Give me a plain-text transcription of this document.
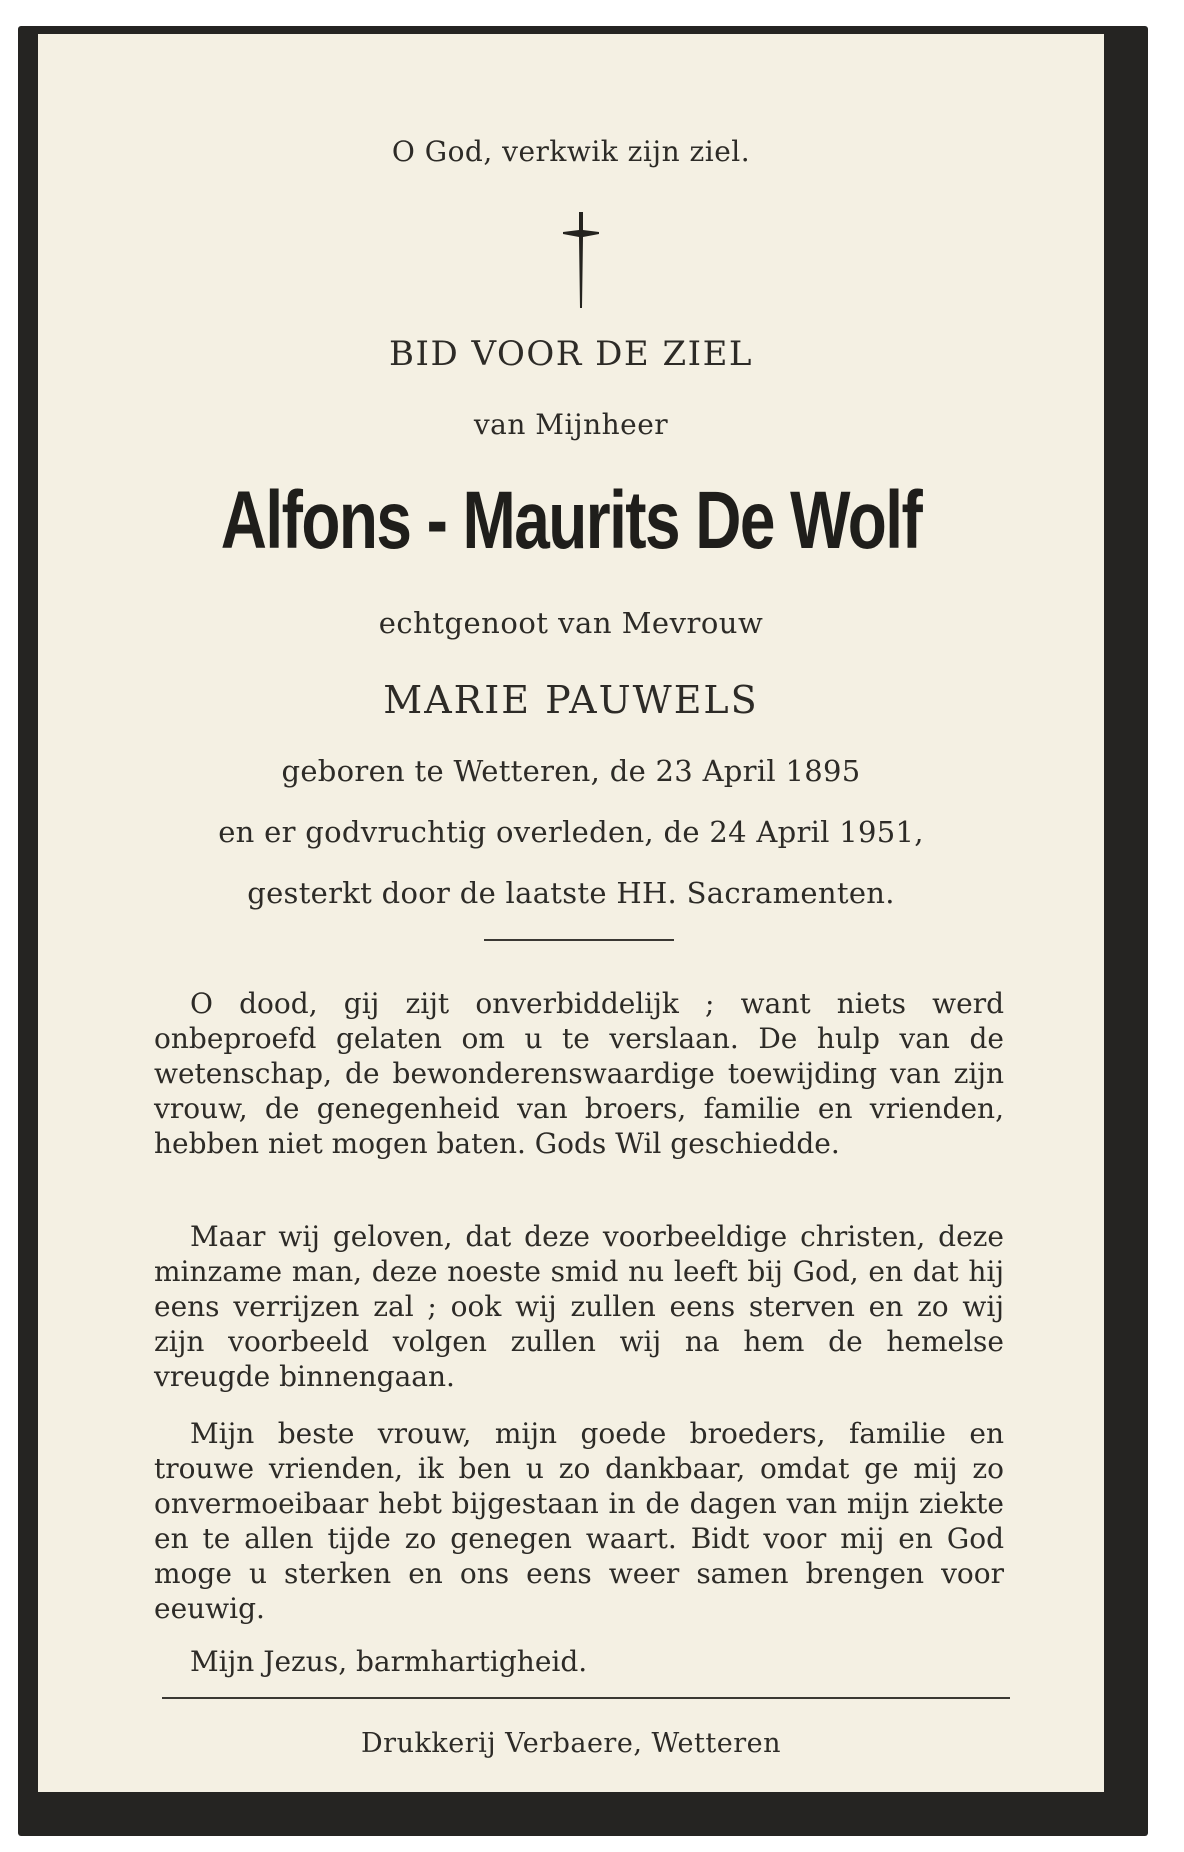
O God, verkwik zijn ziel.
BID VOOR DE ZIEL
van Mijnheer
Alfons - Maurits De Wolf
echtgenoot van Mevrouw
MARIE PAUWELS
geboren te Wetteren, de 23 April 1895
en er godvruchtig overleden, de 24 April 1951,
gesterkt door de laatste HH. Sacramenten.

O dood, gij zijt onverbiddelijk ; want niets werd onbeproefd gelaten om u te verslaan. De hulp van de wetenschap, de bewonderenswaardige toewijding van zijn vrouw, de genegenheid van broers, familie en vrienden, hebben niet mogen baten. Gods Wil geschiedde.

Maar wij geloven, dat deze voorbeeldige christen, deze minzame man, deze noeste smid nu leeft bij God, en dat hij eens verrijzen zal ; ook wij zullen eens sterven en zo wij zijn voorbeeld volgen zullen wij na hem de hemelse vreugde binnengaan.

Mijn beste vrouw, mijn goede broeders, familie en trouwe vrienden, ik ben u zo dankbaar, omdat ge mij zo onvermoeibaar hebt bijgestaan in de dagen van mijn ziekte en te allen tijde zo genegen waart. Bidt voor mij en God moge u sterken en ons eens weer samen brengen voor eeuwig.

Mijn Jezus, barmhartigheid.

Drukkerij Verbaere, Wetteren
